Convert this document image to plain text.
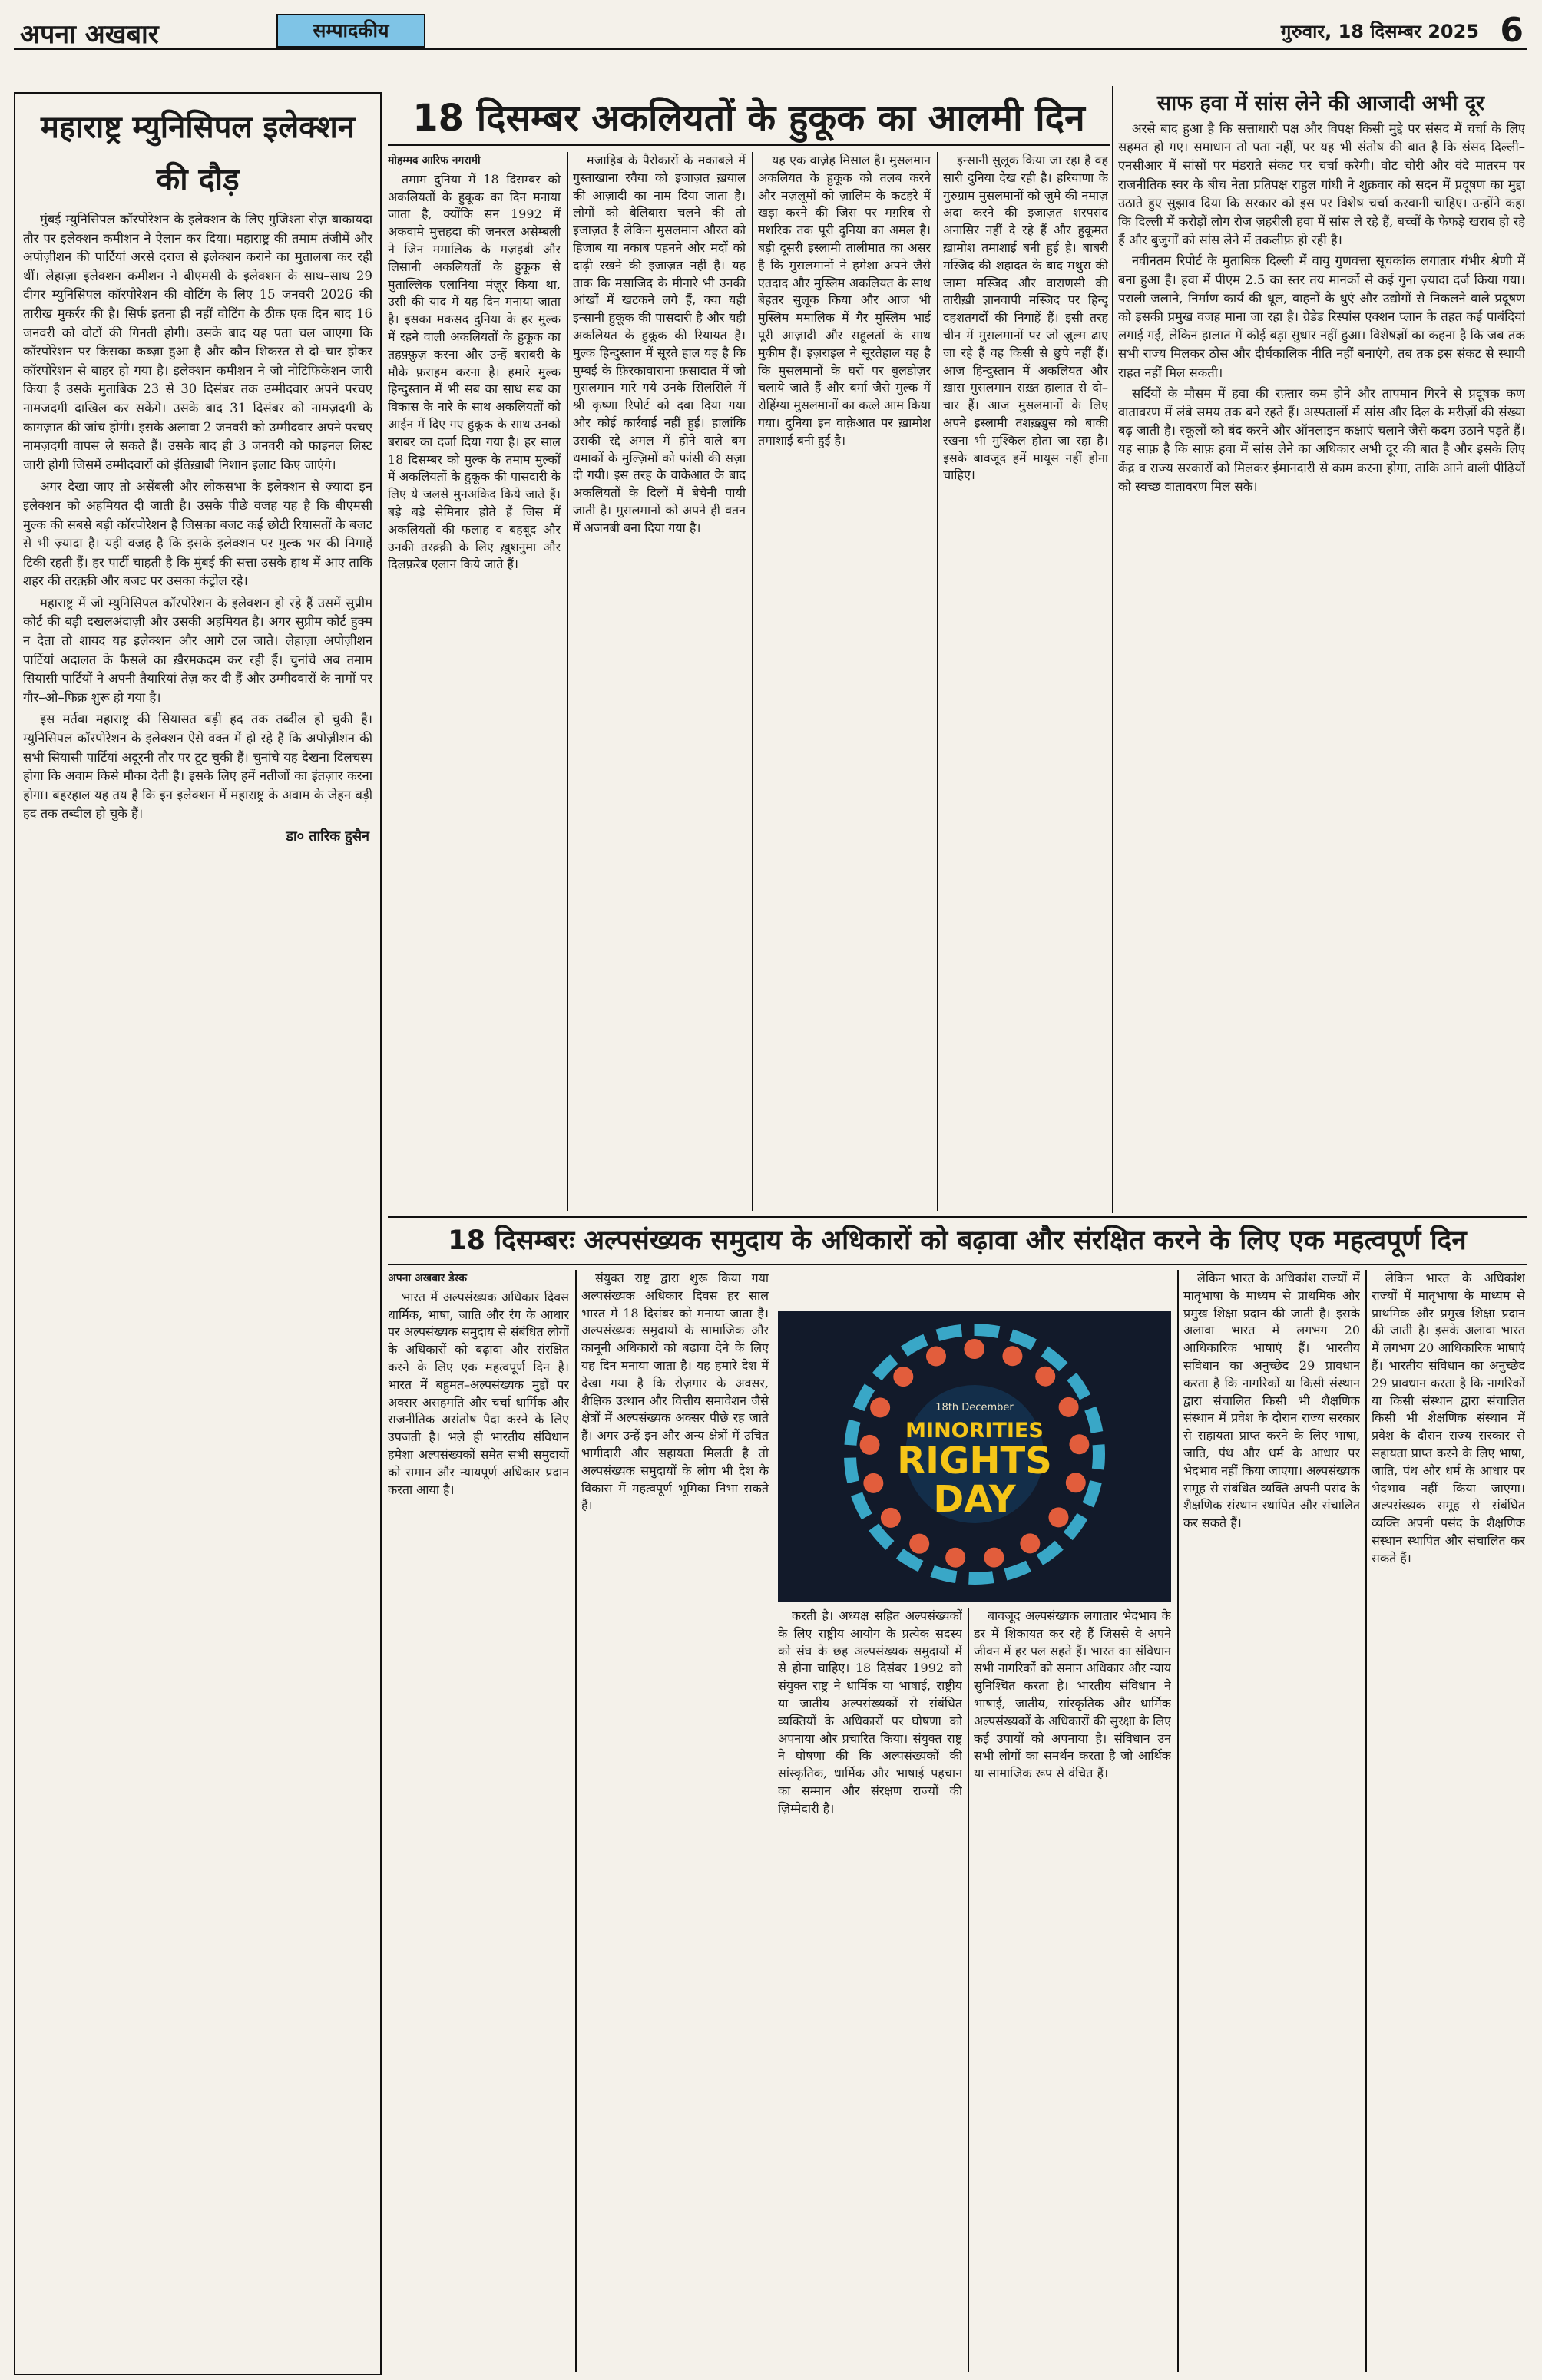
अपना अखबार	सम्पादकीय	गुरुवार, 18 दिसम्बर 2025 6
महाराष्ट्र म्युनिसिपल इलेक्शन की दौड़

मुंबई म्युनिसिपल कॉरपोरेशन के इलेक्शन के लिए गुजिश्ता रोज़ बाकायदा तौर पर इलेक्शन कमीशन ने ऐलान कर दिया। महाराष्ट्र की तमाम तंजीमें और अपोज़ीशन की पार्टियां अरसे दराज से इलेक्शन कराने का मुतालबा कर रही थीं। लेहाज़ा इलेक्शन कमीशन ने बीएमसी के इलेक्शन के साथ–साथ 29 दीगर म्युनिसिपल कॉरपोरेशन की वोटिंग के लिए 15 जनवरी 2026 की तारीख मुकर्रर की है। सिर्फ इतना ही नहीं वोटिंग के ठीक एक दिन बाद 16 जनवरी को वोटों की गिनती होगी। उसके बाद यह पता चल जाएगा कि कॉरपोरेशन पर किसका कब्ज़ा हुआ है और कौन शिकस्त से दो–चार होकर कॉरपोरेशन से बाहर हो गया है। इलेक्शन कमीशन ने जो नोटिफिकेशन जारी किया है उसके मुताबिक 23 से 30 दिसंबर तक उम्मीदवार अपने परचए नामजदगी दाखिल कर सकेंगे। उसके बाद 31 दिसंबर को नामज़दगी के कागज़ात की जांच होगी। इसके अलावा 2 जनवरी को उम्मीदवार अपने परचए नामज़दगी वापस ले सकते हैं। उसके बाद ही 3 जनवरी को फाइनल लिस्ट जारी होगी जिसमें उम्मीदवारों को इंतिख़ाबी निशान इलाट किए जाएंगे।

अगर देखा जाए तो असेंबली और लोकसभा के इलेक्शन से ज़्यादा इन इलेक्शन को अहमियत दी जाती है। उसके पीछे वजह यह है कि बीएमसी मुल्क की सबसे बड़ी कॉरपोरेशन है जिसका बजट कई छोटी रियासतों के बजट से भी ज़्यादा है। यही वजह है कि इसके इलेक्शन पर मुल्क भर की निगाहें टिकी रहती हैं। हर पार्टी चाहती है कि मुंबई की सत्ता उसके हाथ में आए ताकि शहर की तरक़्क़ी और बजट पर उसका कंट्रोल रहे।

महाराष्ट्र में जो म्युनिसिपल कॉरपोरेशन के इलेक्शन हो रहे हैं उसमें सुप्रीम कोर्ट की बड़ी दखलअंदाज़ी और उसकी अहमियत है। अगर सुप्रीम कोर्ट हुक्म न देता तो शायद यह इलेक्शन और आगे टल जाते। लेहाज़ा अपोज़ीशन पार्टियां अदालत के फैसले का ख़ैरमकदम कर रही हैं। चुनांचे अब तमाम सियासी पार्टियों ने अपनी तैयारियां तेज़ कर दी हैं और उम्मीदवारों के नामों पर गौर–ओ–फिक्र शुरू हो गया है।

इस मर्तबा महाराष्ट्र की सियासत बड़ी हद तक तब्दील हो चुकी है। म्युनिसिपल कॉरपोरेशन के इलेक्शन ऐसे वक्त में हो रहे हैं कि अपोज़ीशन की सभी सियासी पार्टियां अदूरनी तौर पर टूट चुकी हैं। चुनांचे यह देखना दिलचस्प होगा कि अवाम किसे मौका देती है। इसके लिए हमें नतीजों का इंतज़ार करना होगा। बहरहाल यह तय है कि इन इलेक्शन में महाराष्ट्र के अवाम के जेहन बड़ी हद तक तब्दील हो चुके हैं।

डा० तारिक हुसैन
18 दिसम्बर अकलियतों के हुकूक का आलमी दिन
मोहम्मद आरिफ नगरामी

तमाम दुनिया में 18 दिसम्बर को अकलियतों के हुकूक का दिन मनाया जाता है, क्योंकि सन 1992 में अकवामे मुत्तहदा की जनरल असेम्बली ने जिन ममालिक के मज़हबी और लिसानी अकलियतों के हुकूक से मुताल्लिक एलानिया मंज़ूर किया था, उसी की याद में यह दिन मनाया जाता है। इसका मकसद दुनिया के हर मुल्क में रहने वाली अकलियतों के हुकूक का तहफ़्फ़ुज़ करना और उन्हें बराबरी के मौके फ़राहम करना है। हमारे मुल्क हिन्दुस्तान में भी सब का साथ सब का विकास के नारे के साथ अकलियतों को आईन में दिए गए हुकूक के साथ उनको बराबर का दर्जा दिया गया है। हर साल 18 दिसम्बर को मुल्क के तमाम मुल्कों में अकलियतों के हुकूक की पासदारी के लिए ये जलसे मुनअकिद किये जाते हैं। बड़े बड़े सेमिनार होते हैं जिस में अकलियतों की फलाह व बहबूद और उनकी तरक़्क़ी के लिए ख़ुशनुमा और दिलफ़रेब एलान किये जाते हैं।

मजाहिब के पैरोकारों के मकाबले में गुस्ताखाना रवैया को इजाज़त ख़याल की आज़ादी का नाम दिया जाता है। लोगों को बेलिबास चलने की तो इजाज़त है लेकिन मुसलमान औरत को हिजाब या नकाब पहनने और मर्दों को दाढ़ी रखने की इजाज़त नहीं है। यह ताक कि मसाजिद के मीनारे भी उनकी आंखों में खटकने लगे हैं, क्या यही इन्सानी हुकूक की पासदारी है और यही अकलियत के हुकूक की रियायत है। मुल्क हिन्दुस्तान में सूरते हाल यह है कि मुम्बई के फ़िरकावाराना फ़सादात में जो मुसलमान मारे गये उनके सिलसिले में श्री कृष्णा रिपोर्ट को दबा दिया गया और कोई कार्रवाई नहीं हुई। हालांकि उसकी रद्दे अमल में होने वाले बम धमाकों के मुल्ज़िमों को फांसी की सज़ा दी गयी। इस तरह के वाकेआत के बाद अकलियतों के दिलों में बेचैनी पायी जाती है। मुसलमानों को अपने ही वतन में अजनबी बना दिया गया है।

यह एक वाज़ेह मिसाल है। मुसलमान अकलियत के हुकूक को तलब करने और मज़लूमों को ज़ालिम के कटहरे में खड़ा करने की जिस पर मग़रिब से मशरिक तक पूरी दुनिया का अमल है। बड़ी दूसरी इस्लामी तालीमात का असर है कि मुसलमानों ने हमेशा अपने जैसे एतदाद और मुस्लिम अकलियत के साथ बेहतर सुलूक किया और आज भी मुस्लिम ममालिक में गैर मुस्लिम भाई पूरी आज़ादी और सहूलतों के साथ मुकीम हैं। इज़राइल ने सूरतेहाल यह है कि मुसलमानों के घरों पर बुलडोज़र चलाये जाते हैं और बर्मा जैसे मुल्क में रोहिंग्या मुसलमानों का कत्ले आम किया गया। दुनिया इन वाक़ेआत पर ख़ामोश तमाशाई बनी हुई है।

इन्सानी सुलूक किया जा रहा है वह सारी दुनिया देख रही है। हरियाणा के गुरुग्राम मुसलमानों को जुमे की नमाज़ अदा करने की इजाज़त शरपसंद अनासिर नहीं दे रहे हैं और हुकूमत ख़ामोश तमाशाई बनी हुई है। बाबरी मस्जिद की शहादत के बाद मथुरा की जामा मस्जिद और वाराणसी की तारीख़ी ज्ञानवापी मस्जिद पर हिन्दू दहशतगर्दों की निगाहें हैं। इसी तरह चीन में मुसलमानों पर जो ज़ुल्म ढाए जा रहे हैं वह किसी से छुपे नहीं हैं। आज हिन्दुस्तान में अकलियत और ख़ास मुसलमान सख़्त हालात से दो–चार हैं। आज मुसलमानों के लिए अपने इस्लामी तशख़्ख़ुस को बाकी रखना भी मुश्किल होता जा रहा है। इसके बावजूद हमें मायूस नहीं होना चाहिए।

साफ हवा में सांस लेने की आजादी अभी दूर

अरसे बाद हुआ है कि सत्ताधारी पक्ष और विपक्ष किसी मुद्दे पर संसद में चर्चा के लिए सहमत हो गए। समाधान तो पता नहीं, पर यह भी संतोष की बात है कि संसद दिल्ली–एनसीआर में सांसों पर मंडराते संकट पर चर्चा करेगी। वोट चोरी और वंदे मातरम पर राजनीतिक स्वर के बीच नेता प्रतिपक्ष राहुल गांधी ने शुक्रवार को सदन में प्रदूषण का मुद्दा उठाते हुए सुझाव दिया कि सरकार को इस पर विशेष चर्चा करवानी चाहिए। उन्होंने कहा कि दिल्ली में करोड़ों लोग रोज़ ज़हरीली हवा में सांस ले रहे हैं, बच्चों के फेफड़े खराब हो रहे हैं और बुजुर्गों को सांस लेने में तकलीफ़ हो रही है।

नवीनतम रिपोर्ट के मुताबिक दिल्ली में वायु गुणवत्ता सूचकांक लगातार गंभीर श्रेणी में बना हुआ है। हवा में पीएम 2.5 का स्तर तय मानकों से कई गुना ज़्यादा दर्ज किया गया। पराली जलाने, निर्माण कार्य की धूल, वाहनों के धुएं और उद्योगों से निकलने वाले प्रदूषण को इसकी प्रमुख वजह माना जा रहा है। ग्रेडेड रिस्पांस एक्शन प्लान के तहत कई पाबंदियां लगाई गईं, लेकिन हालात में कोई बड़ा सुधार नहीं हुआ। विशेषज्ञों का कहना है कि जब तक सभी राज्य मिलकर ठोस और दीर्घकालिक नीति नहीं बनाएंगे, तब तक इस संकट से स्थायी राहत नहीं मिल सकती।

सर्दियों के मौसम में हवा की रफ़्तार कम होने और तापमान गिरने से प्रदूषक कण वातावरण में लंबे समय तक बने रहते हैं। अस्पतालों में सांस और दिल के मरीज़ों की संख्या बढ़ जाती है। स्कूलों को बंद करने और ऑनलाइन कक्षाएं चलाने जैसे कदम उठाने पड़ते हैं। यह साफ़ है कि साफ़ हवा में सांस लेने का अधिकार अभी दूर की बात है और इसके लिए केंद्र व राज्य सरकारों को मिलकर ईमानदारी से काम करना होगा, ताकि आने वाली पीढ़ियों को स्वच्छ वातावरण मिल सके।

18 दिसम्बरः अल्पसंख्यक समुदाय के अधिकारों को बढ़ावा और संरक्षित करने के लिए एक महत्वपूर्ण दिन
अपना अखबार डेस्क

भारत में अल्पसंख्यक अधिकार दिवस धार्मिक, भाषा, जाति और रंग के आधार पर अल्पसंख्यक समुदाय से संबंधित लोगों के अधिकारों को बढ़ावा और संरक्षित करने के लिए एक महत्वपूर्ण दिन है। भारत में बहुमत–अल्पसंख्यक मुद्दों पर अक्सर असहमति और चर्चा धार्मिक और राजनीतिक असंतोष पैदा करने के लिए उपजती है। भले ही भारतीय संविधान हमेशा अल्पसंख्यकों समेत सभी समुदायों को समान और न्यायपूर्ण अधिकार प्रदान करता आया है।

संयुक्त राष्ट्र द्वारा शुरू किया गया अल्पसंख्यक अधिकार दिवस हर साल भारत में 18 दिसंबर को मनाया जाता है। अल्पसंख्यक समुदायों के सामाजिक और कानूनी अधिकारों को बढ़ावा देने के लिए यह दिन मनाया जाता है। यह हमारे देश में देखा गया है कि रोज़गार के अवसर, शैक्षिक उत्थान और वित्तीय समावेशन जैसे क्षेत्रों में अल्पसंख्यक अक्सर पीछे रह जाते हैं। अगर उन्हें इन और अन्य क्षेत्रों में उचित भागीदारी और सहायता मिलती है तो अल्पसंख्यक समुदायों के लोग भी देश के विकास में महत्वपूर्ण भूमिका निभा सकते हैं।

18th December
MINORITIES
RIGHTS
DAY

करती है। अध्यक्ष सहित अल्पसंख्यकों के लिए राष्ट्रीय आयोग के प्रत्येक सदस्य को संघ के छह अल्पसंख्यक समुदायों में से होना चाहिए। 18 दिसंबर 1992 को संयुक्त राष्ट्र ने धार्मिक या भाषाई, राष्ट्रीय या जातीय अल्पसंख्यकों से संबंधित व्यक्तियों के अधिकारों पर घोषणा को अपनाया और प्रचारित किया। संयुक्त राष्ट्र ने घोषणा की कि अल्पसंख्यकों की सांस्कृतिक, धार्मिक और भाषाई पहचान का सम्मान और संरक्षण राज्यों की ज़िम्मेदारी है।

बावजूद अल्पसंख्यक लगातार भेदभाव के डर में शिकायत कर रहे हैं जिससे वे अपने जीवन में हर पल सहते हैं। भारत का संविधान सभी नागरिकों को समान अधिकार और न्याय सुनिश्चित करता है। भारतीय संविधान ने भाषाई, जातीय, सांस्कृतिक और धार्मिक अल्पसंख्यकों के अधिकारों की सुरक्षा के लिए कई उपायों को अपनाया है। संविधान उन सभी लोगों का समर्थन करता है जो आर्थिक या सामाजिक रूप से वंचित हैं।

लेकिन भारत के अधिकांश राज्यों में मातृभाषा के माध्यम से प्राथमिक और प्रमुख शिक्षा प्रदान की जाती है। इसके अलावा भारत में लगभग 20 आधिकारिक भाषाएं हैं। भारतीय संविधान का अनुच्छेद 29 प्रावधान करता है कि नागरिकों या किसी संस्थान द्वारा संचालित किसी भी शैक्षणिक संस्थान में प्रवेश के दौरान राज्य सरकार से सहायता प्राप्त करने के लिए भाषा, जाति, पंथ और धर्म के आधार पर भेदभाव नहीं किया जाएगा। अल्पसंख्यक समूह से संबंधित व्यक्ति अपनी पसंद के शैक्षणिक संस्थान स्थापित और संचालित कर सकते हैं।

लेकिन भारत के अधिकांश राज्यों में मातृभाषा के माध्यम से प्राथमिक और प्रमुख शिक्षा प्रदान की जाती है। इसके अलावा भारत में लगभग 20 आधिकारिक भाषाएं हैं। भारतीय संविधान का अनुच्छेद 29 प्रावधान करता है कि नागरिकों या किसी संस्थान द्वारा संचालित किसी भी शैक्षणिक संस्थान में प्रवेश के दौरान राज्य सरकार से सहायता प्राप्त करने के लिए भाषा, जाति, पंथ और धर्म के आधार पर भेदभाव नहीं किया जाएगा। अल्पसंख्यक समूह से संबंधित व्यक्ति अपनी पसंद के शैक्षणिक संस्थान स्थापित और संचालित कर सकते हैं।
